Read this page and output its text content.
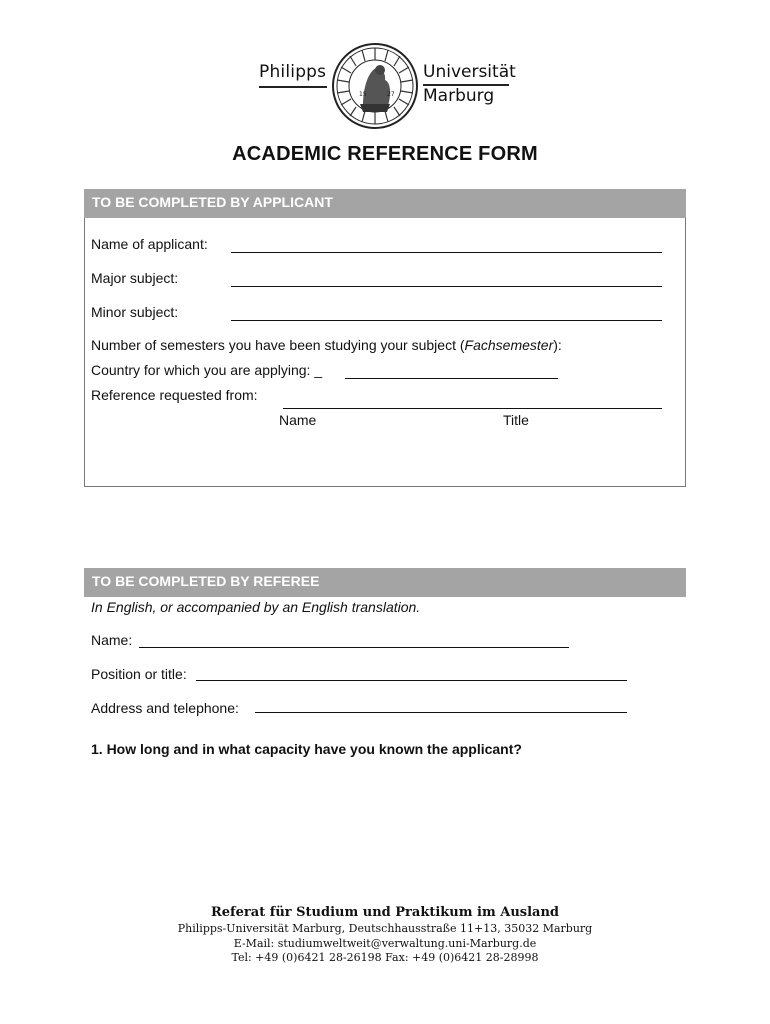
Philipps
15	27
Universität
Marburg
ACADEMIC REFERENCE FORM
TO BE COMPLETED BY APPLICANT
Name of applicant:
Major subject:
Minor subject:
Number of semesters you have been studying your subject (Fachsemester):
Country for which you are applying: _
Reference requested from:
Name	Title
TO BE COMPLETED BY REFEREE
In English, or accompanied by an English translation.
Name:
Position or title:
Address and telephone:
1. How long and in what capacity have you known the applicant?
Referat für Studium und Praktikum im Ausland
Philipps-Universität Marburg, Deutschhausstraße 11+13, 35032 Marburg
E-Mail: studiumweltweit@verwaltung.uni-Marburg.de
Tel: +49 (0)6421 28-26198 Fax: +49 (0)6421 28-28998
